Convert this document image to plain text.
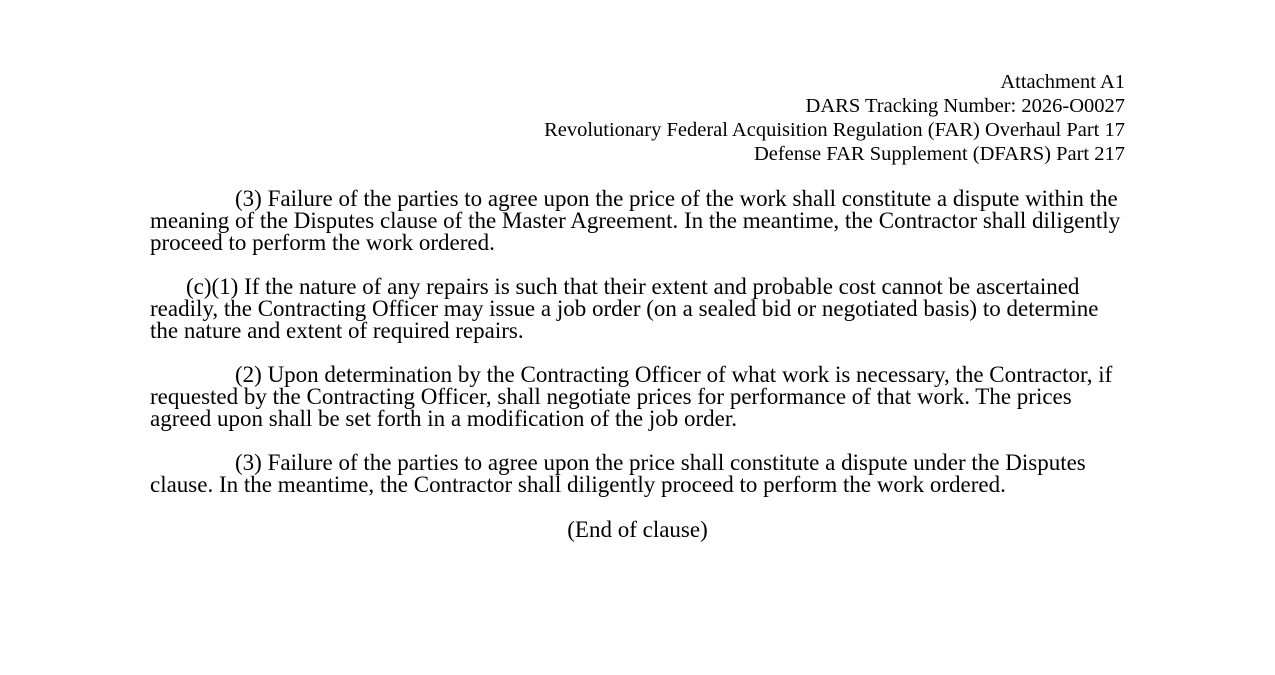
Attachment A1
DARS Tracking Number: 2026-O0027
Revolutionary Federal Acquisition Regulation (FAR) Overhaul Part 17
Defense FAR Supplement (DFARS) Part 217
(3) Failure of the parties to agree upon the price of the work shall constitute a dispute within the meaning of the Disputes clause of the Master Agreement. In the meantime, the Contractor shall diligently proceed to perform the work ordered.
(c)(1) If the nature of any repairs is such that their extent and probable cost cannot be ascertained readily, the Contracting Officer may issue a job order (on a sealed bid or negotiated basis) to determine the nature and extent of required repairs.
(2) Upon determination by the Contracting Officer of what work is necessary, the Contractor, if requested by the Contracting Officer, shall negotiate prices for performance of that work. The prices agreed upon shall be set forth in a modification of the job order.
(3) Failure of the parties to agree upon the price shall constitute a dispute under the Disputes clause. In the meantime, the Contractor shall diligently proceed to perform the work ordered.
(End of clause)
